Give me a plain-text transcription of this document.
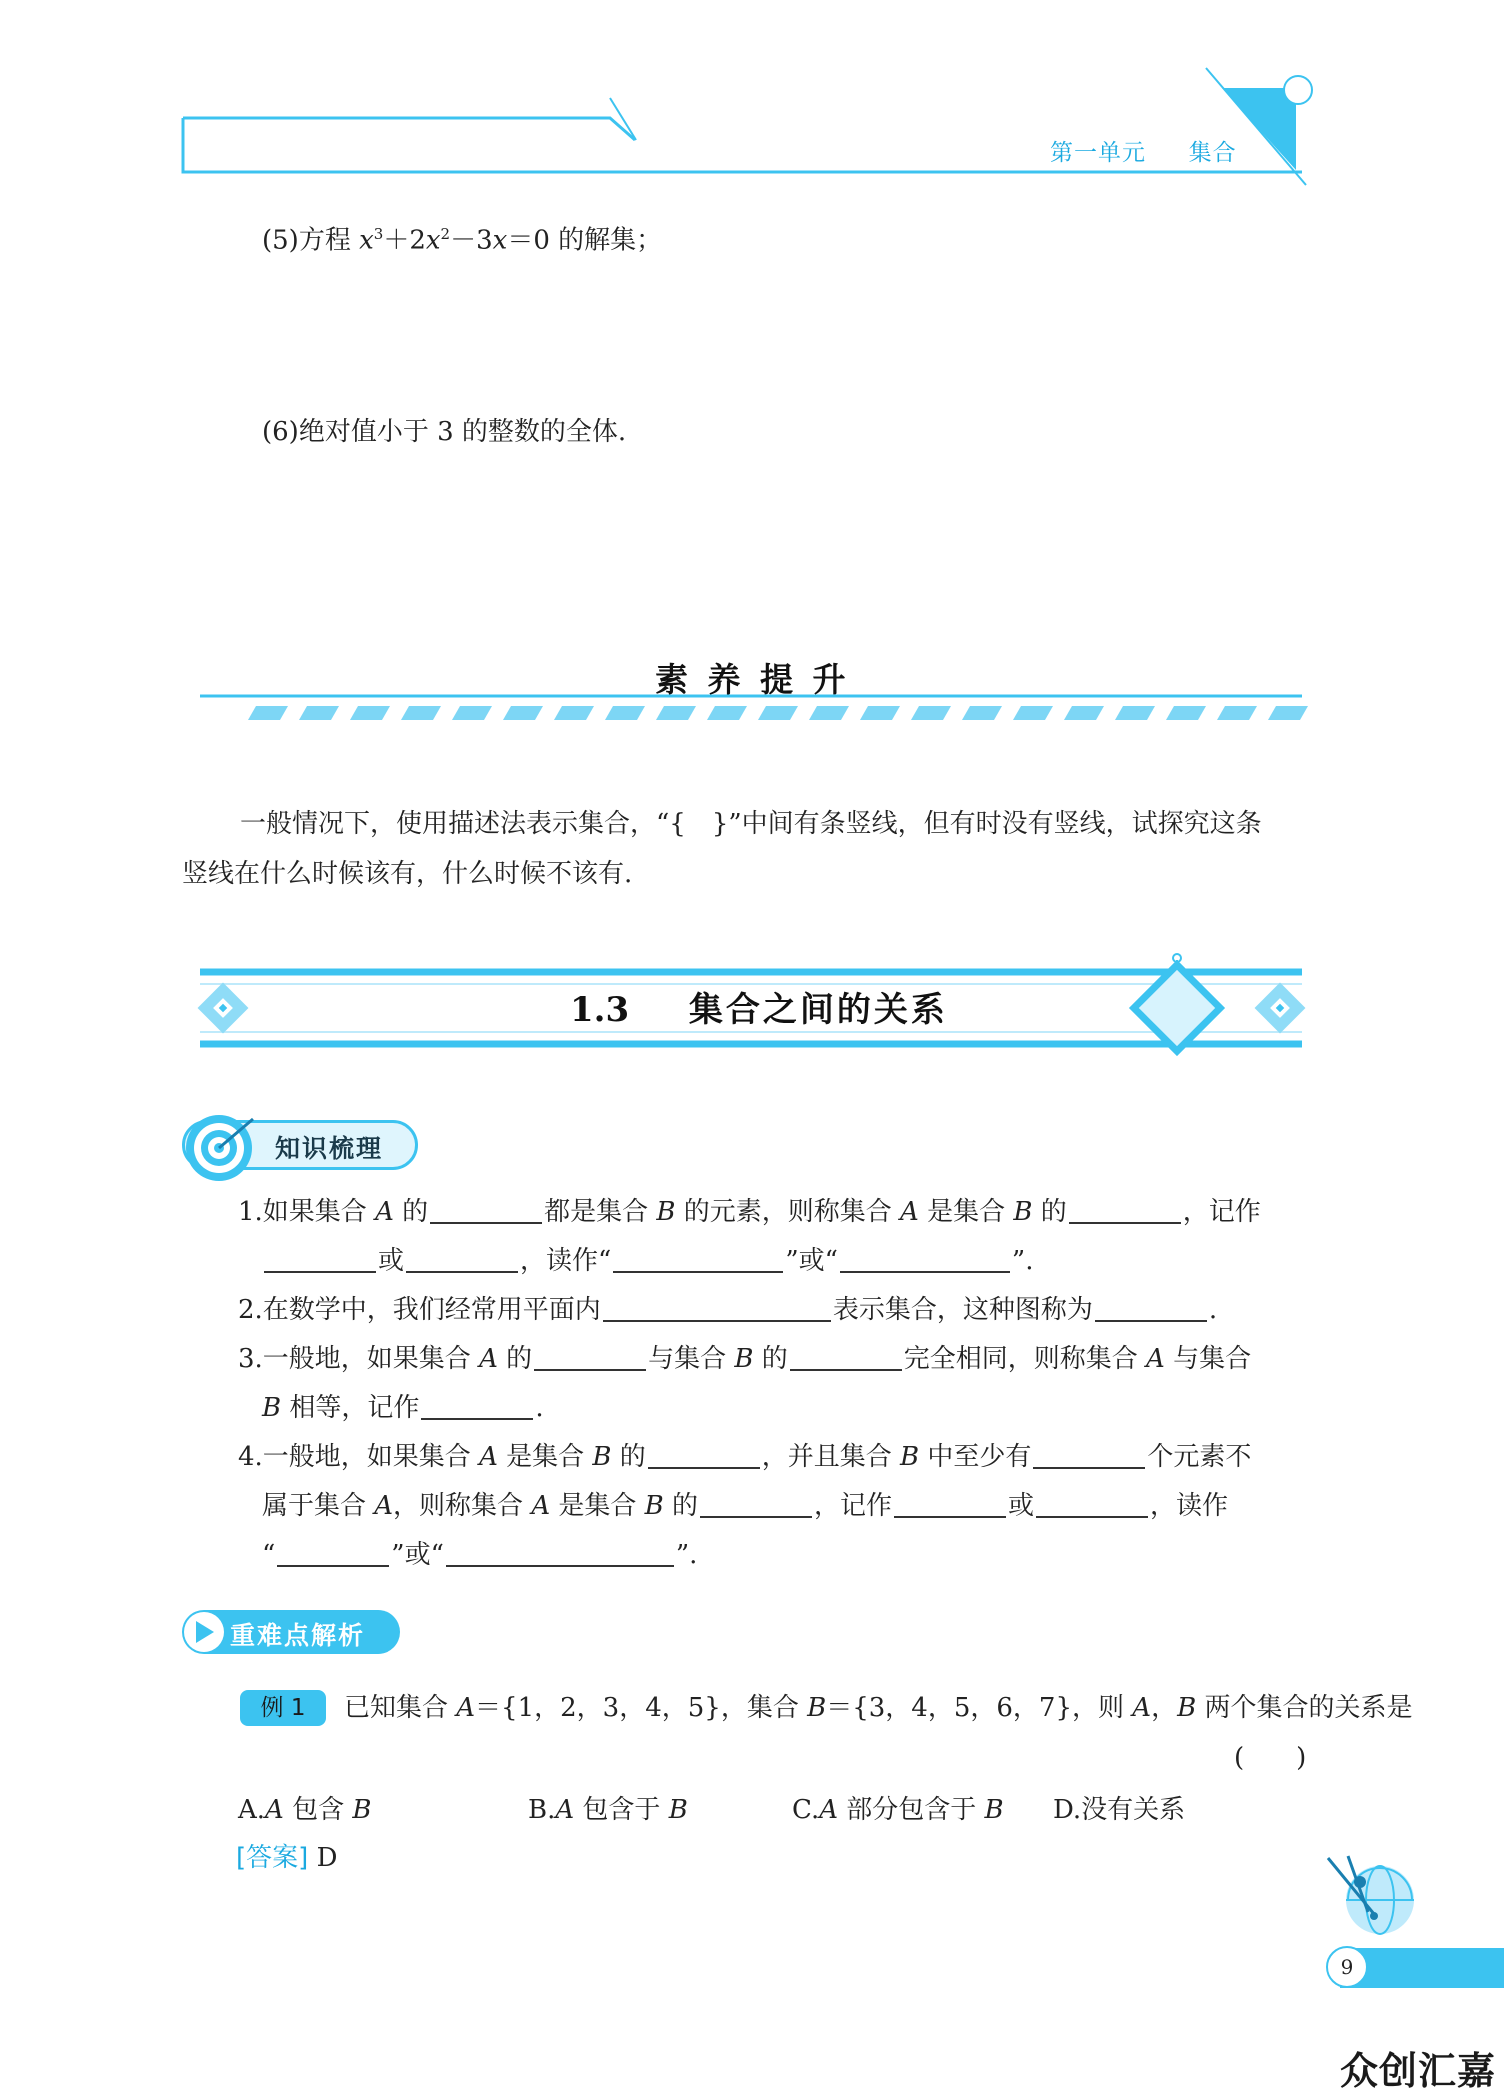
第一单元 集合
(5)方程 $x^3+2x^2-3x=0$ 的解集；
(6)绝对值小于 3 的整数的全体.
素 养 提 升
一般情况下，使用描述法表示集合，“{　}”中间有条竖线，但有时没有竖线，试探究这条
竖线在什么时候该有，什么时候不该有.
1.3 集合之间的关系
知识梳理
1.如果集合 A 的	都是集合 B 的元素，则称集合 A 是集合 B 的	，记作
或	，读作“	”或“	”.
2.在数学中，我们经常用平面内	表示集合，这种图称为	.
3.一般地，如果集合 A 的	与集合 B 的	完全相同，则称集合 A 与集合
B 相等，记作	.
4.一般地，如果集合 A 是集合 B 的	，并且集合 B 中至少有	个元素不
属于集合 A，则称集合 A 是集合 B 的	，记作	或	，读作
“	”或“	”.
重难点解析
例 1	已知集合 A＝{1，2，3，4，5}，集合 B＝{3，4，5，6，7}，则 A，B 两个集合的关系是
(　　)
A.A 包含 B	B.A 包含于 B	C.A 部分包含于 B D.没有关系
[答案] D
9
众创汇嘉
